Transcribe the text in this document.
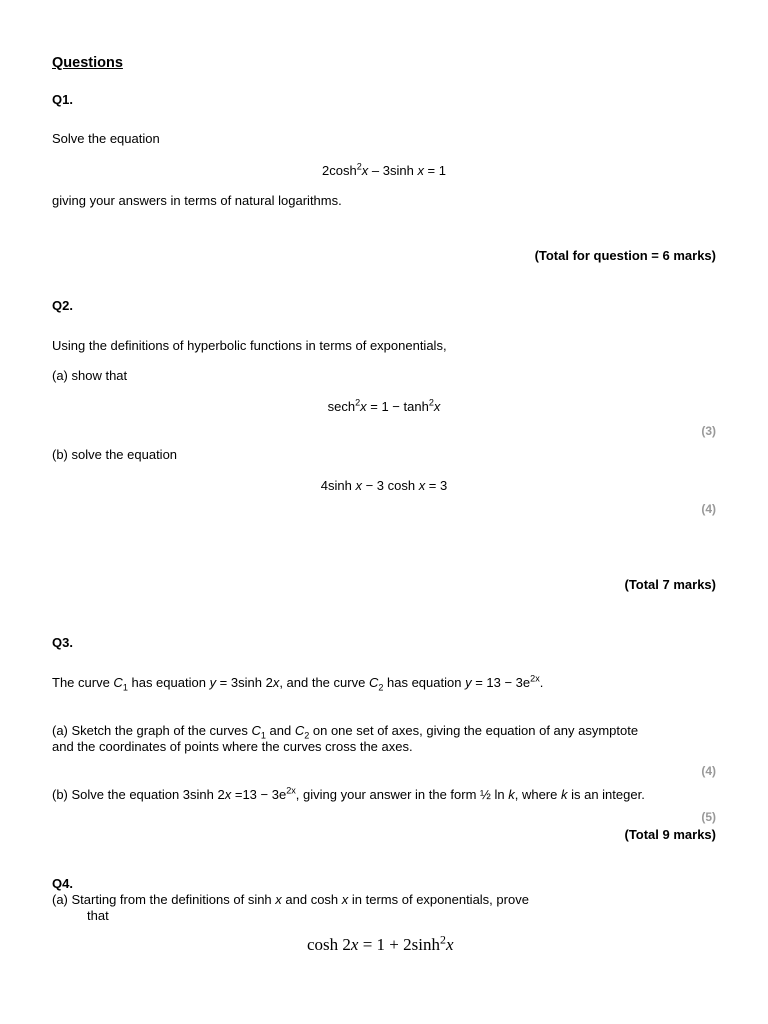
Questions
Q1.
Solve the equation
$2\cosh^2x - 3\sinh$ x = 1
giving your answers in terms of natural logarithms.
(Total for question = 6 marks)
Q2.
Using the definitions of hyperbolic functions in terms of exponentials,
(a) show that
$\sec h^2x = 1 - \tanh^2x$
(3)
(b) solve the equation
4sinh x − 3 cosh x = 3
(4)
(Total 7 marks)
Q3.
The curve $C_1$ has equation y = 3sinh 2x, and the curve $C_2$ has equation $y = 13 - 3e^{2x}$.
(a) Sketch the graph of the curves $C_1$ and $C_2$ on one set of axes, giving the equation of any asymptote
and the coordinates of points where the curves cross the axes.
(4)
(b) Solve the equation 3sinh $2x =13 - 3e^{2x}$, giving your answer in the form ½ ln k, where k is an integer.
(5)
(Total 9 marks)
Q4.
(a) Starting from the definitions of sinh x and cosh x in terms of exponentials, prove
that
$\cosh 2x = 1 + 2\sinh^2x$
